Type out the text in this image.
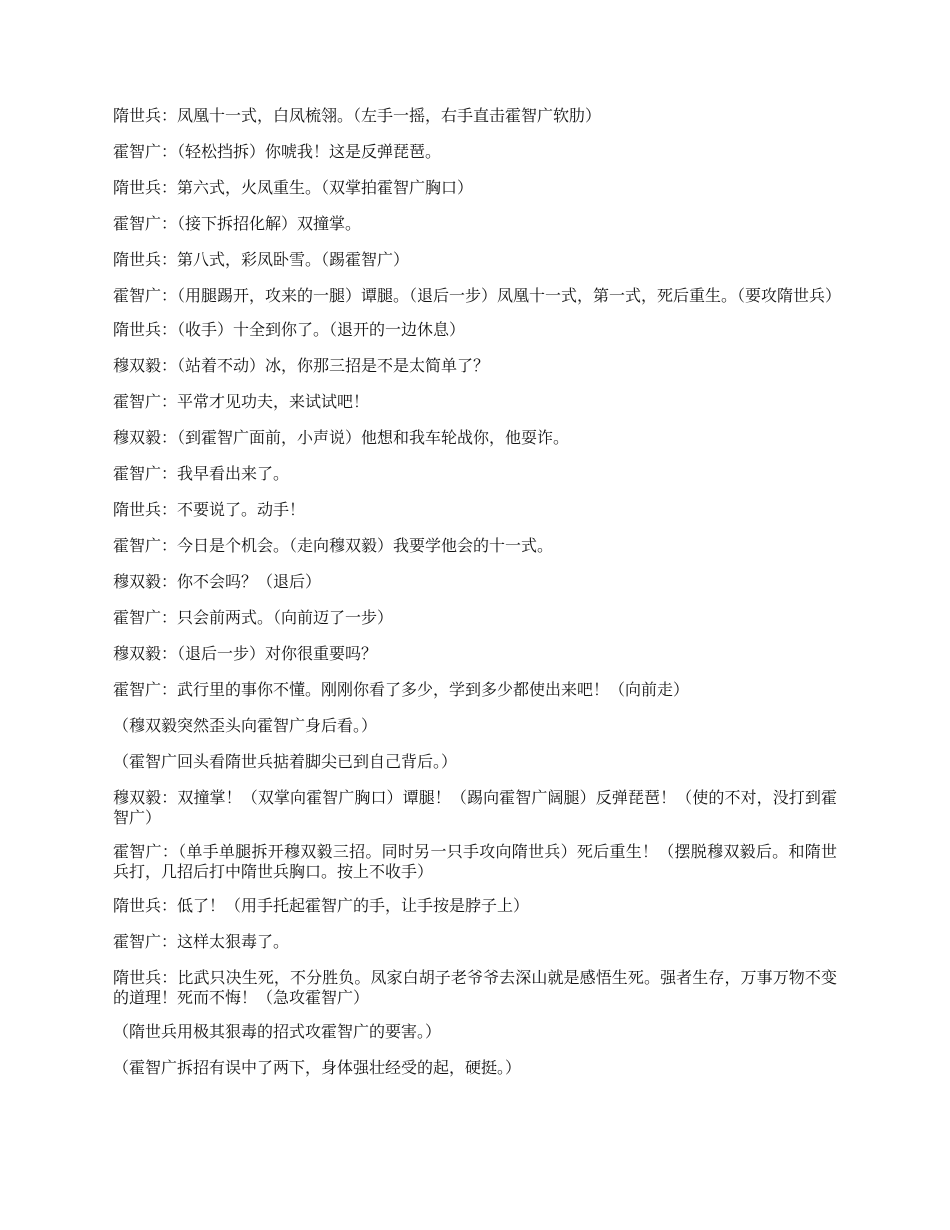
隋世兵：凤凰十一式，白凤梳翎。（左手一摇，右手直击霍智广软肋）

霍智广：（轻松挡拆）你唬我！这是反弹琵琶。

隋世兵：第六式，火凤重生。（双掌拍霍智广胸口）

霍智广：（接下拆招化解）双撞掌。

隋世兵：第八式，彩凤卧雪。（踢霍智广）

霍智广：（用腿踢开，攻来的一腿）谭腿。（退后一步）凤凰十一式，第一式，死后重生。（要攻隋世兵）

隋世兵：（收手）十全到你了。（退开的一边休息）

穆双毅：（站着不动）冰，你那三招是不是太简单了？

霍智广：平常才见功夫，来试试吧！

穆双毅：（到霍智广面前，小声说）他想和我车轮战你，他耍诈。

霍智广：我早看出来了。

隋世兵：不要说了。动手！

霍智广：今日是个机会。（走向穆双毅）我要学他会的十一式。

穆双毅：你不会吗？（退后）

霍智广：只会前两式。（向前迈了一步）

穆双毅：（退后一步）对你很重要吗？

霍智广：武行里的事你不懂。刚刚你看了多少，学到多少都使出来吧！（向前走）

（穆双毅突然歪头向霍智广身后看。）

（霍智广回头看隋世兵掂着脚尖已到自己背后。）

穆双毅：双撞掌！（双掌向霍智广胸口）谭腿！（踢向霍智广阔腿）反弹琵琶！（使的不对，没打到霍智广）

霍智广：（单手单腿拆开穆双毅三招。同时另一只手攻向隋世兵）死后重生！（摆脱穆双毅后。和隋世兵打，几招后打中隋世兵胸口。按上不收手）

隋世兵：低了！（用手托起霍智广的手，让手按是脖子上）

霍智广：这样太狠毒了。

隋世兵：比武只决生死，不分胜负。凤家白胡子老爷爷去深山就是感悟生死。强者生存，万事万物不变的道理！死而不悔！（急攻霍智广）

（隋世兵用极其狠毒的招式攻霍智广的要害。）

（霍智广拆招有误中了两下，身体强壮经受的起，硬挺。）
